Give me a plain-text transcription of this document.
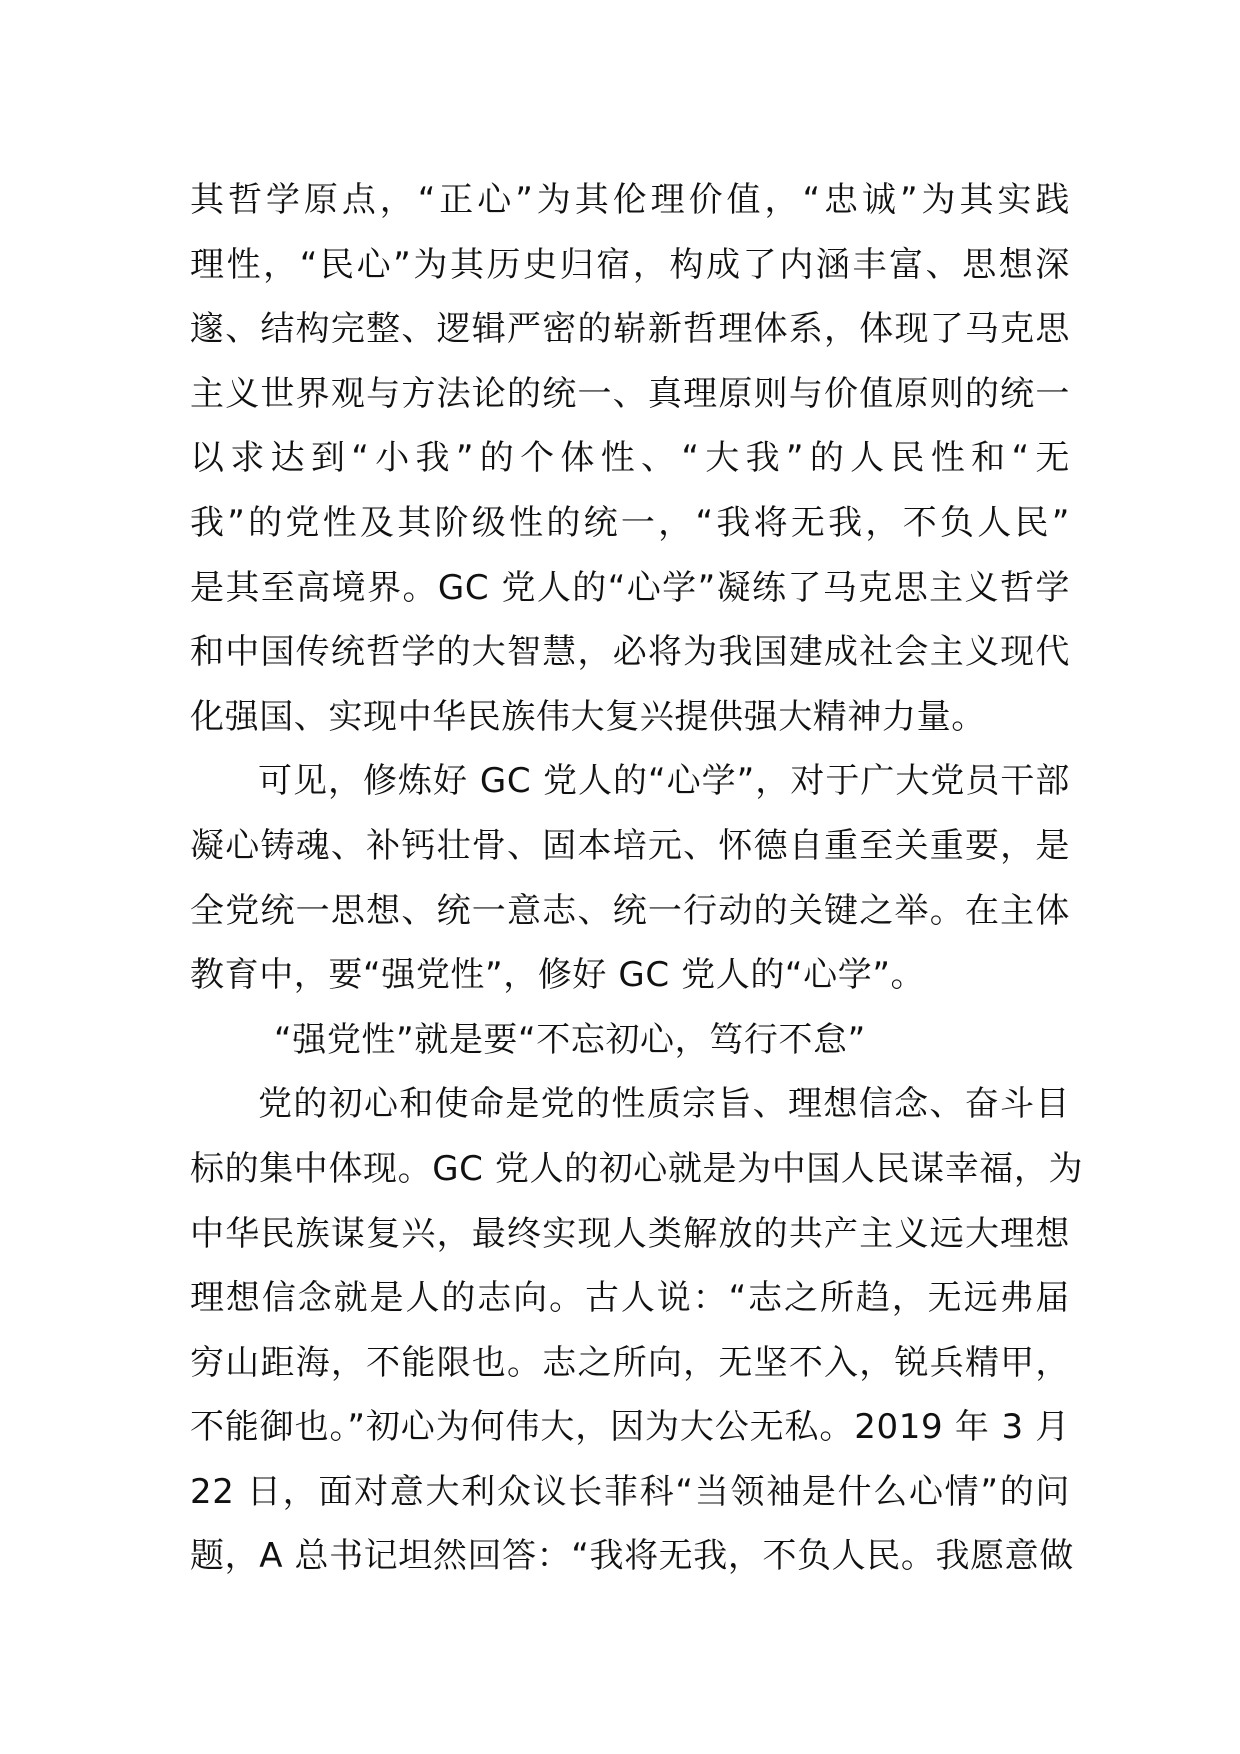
其哲学原点，“正心”为其伦理价值，“忠诚”为其实践
理性，“民心”为其历史归宿，构成了内涵丰富、思想深
邃、结构完整、逻辑严密的崭新哲理体系，体现了马克思
主义世界观与方法论的统一、真理原则与价值原则的统一
以求达到“小我”的个体性、“大我”的人民性和“无
我”的党性及其阶级性的统一，“我将无我，不负人民”
是其至高境界。GC 党人的“心学”凝练了马克思主义哲学
和中国传统哲学的大智慧，必将为我国建成社会主义现代
化强国、实现中华民族伟大复兴提供强大精神力量。
可见，修炼好 GC 党人的“心学”，对于广大党员干部
凝心铸魂、补钙壮骨、固本培元、怀德自重至关重要，是
全党统一思想、统一意志、统一行动的关键之举。在主体
教育中，要“强党性”，修好 GC 党人的“心学”。
“强党性”就是要“不忘初心，笃行不怠”
党的初心和使命是党的性质宗旨、理想信念、奋斗目
标的集中体现。GC 党人的初心就是为中国人民谋幸福，为
中华民族谋复兴，最终实现人类解放的共产主义远大理想
理想信念就是人的志向。古人说：“志之所趋，无远弗届
穷山距海，不能限也。志之所向，无坚不入，锐兵精甲，
不能御也。”初心为何伟大，因为大公无私。2019 年 3 月
22 日，面对意大利众议长菲科“当领袖是什么心情”的问
题，A 总书记坦然回答：“我将无我，不负人民。我愿意做
